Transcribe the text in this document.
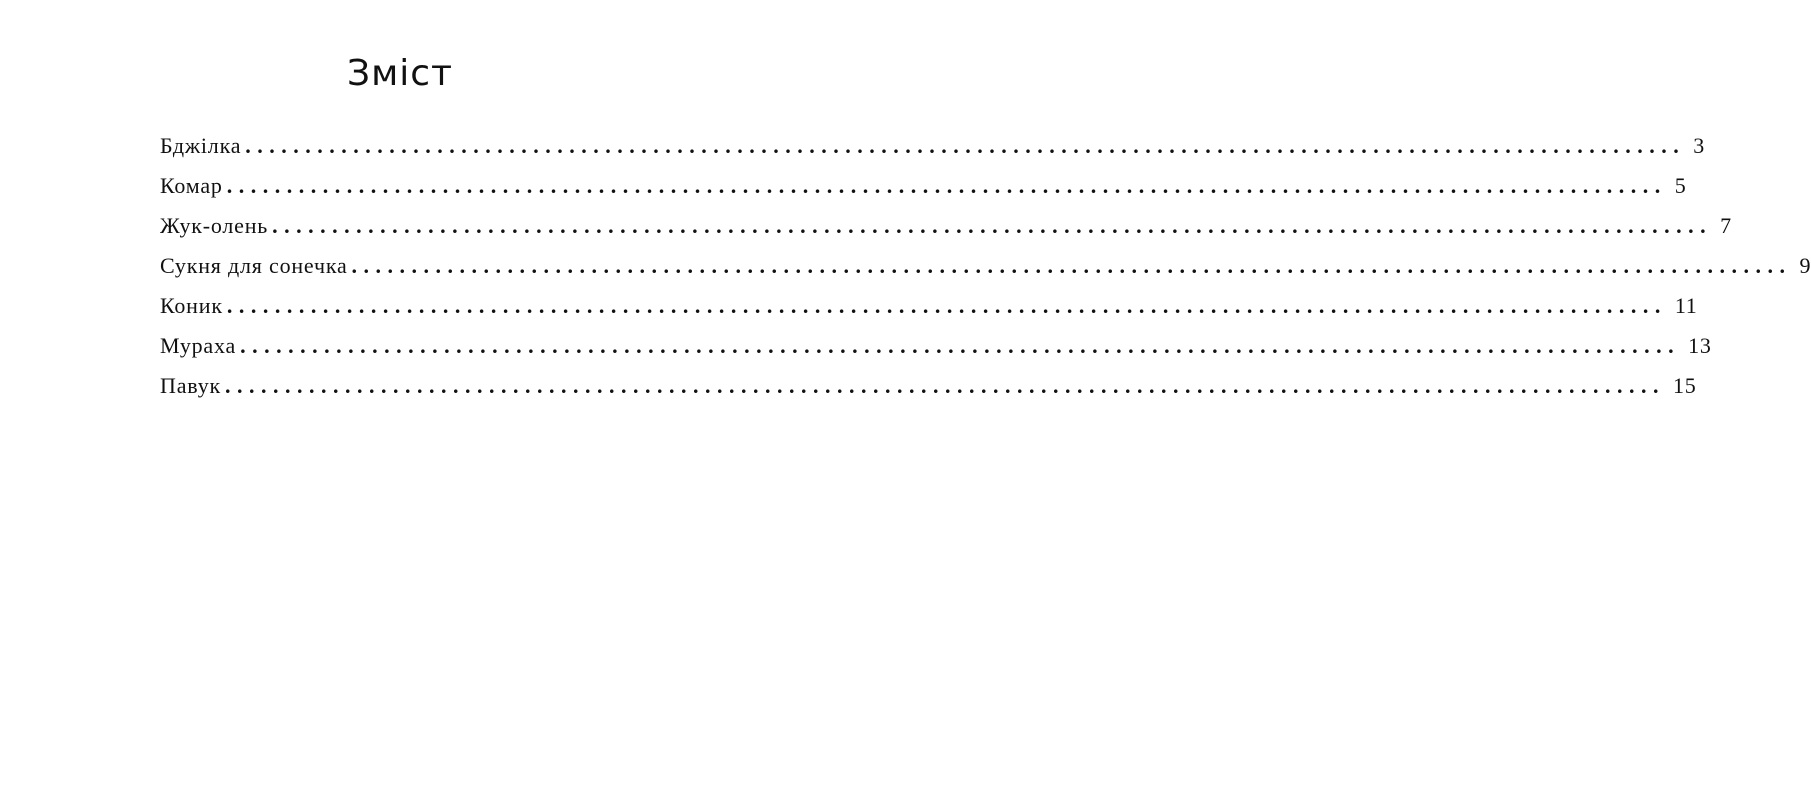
Зміст
Бджілка ........................................................................................................................ 3
Комар ........................................................................................................................ 5
Жук-олень ........................................................................................................................ 7
Сукня для сонечка ........................................................................................................................ 9
Коник ........................................................................................................................ 11
Мураха ........................................................................................................................ 13
Павук ........................................................................................................................ 15
